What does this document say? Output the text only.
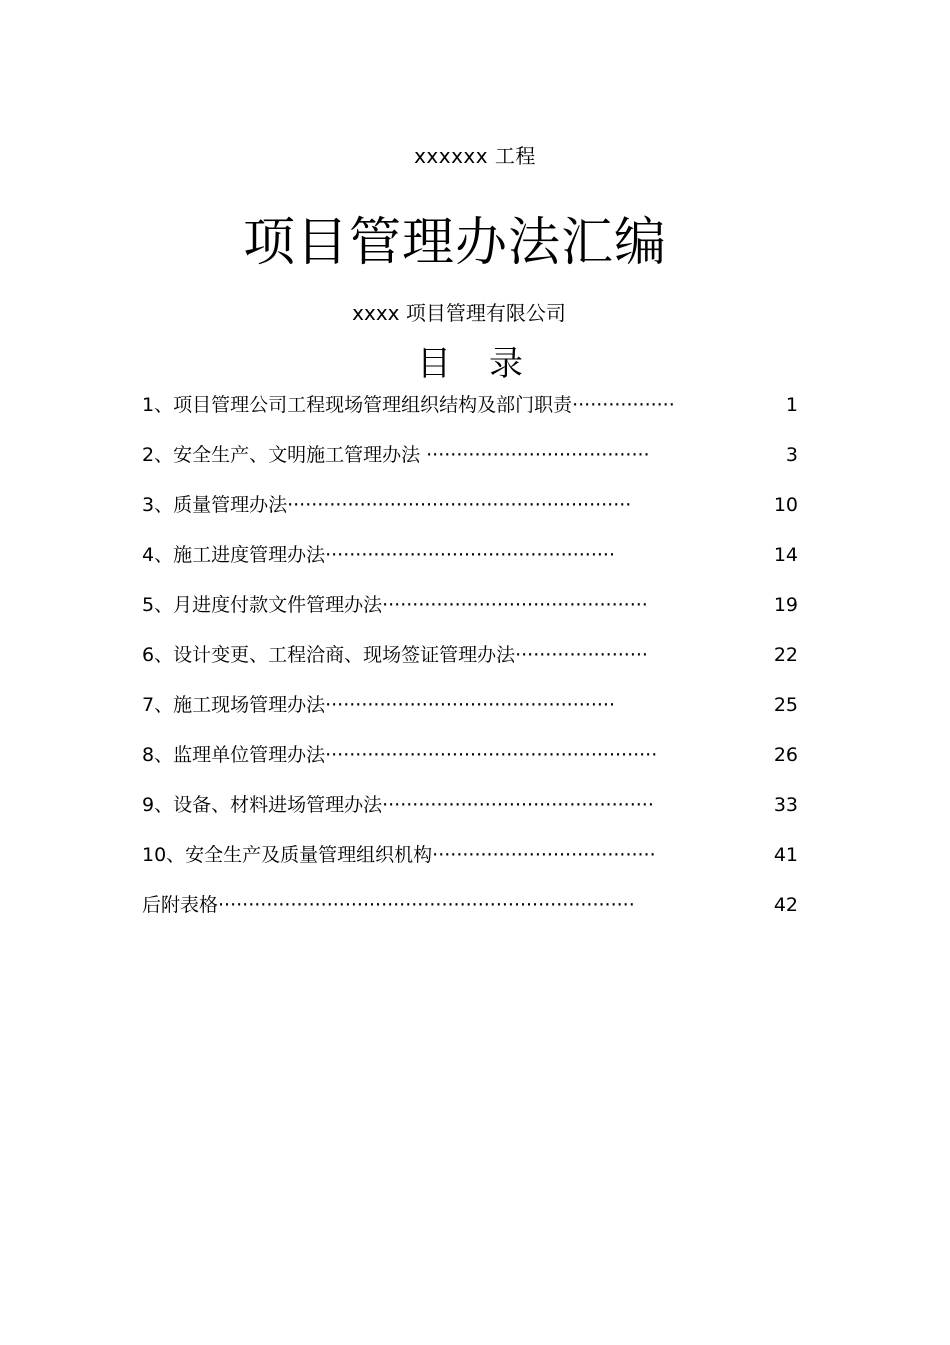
xxxxxx 工程
项目管理办法汇编
xxxx 项目管理有限公司
目录
1、项目管理公司工程现场管理组织结构及部门职责·················	1
2、安全生产、文明施工管理办法 ·····································	3
3、质量管理办法·························································	10
4、施工进度管理办法················································	14
5、月进度付款文件管理办法············································	19
6、设计变更、工程洽商、现场签证管理办法······················	22
7、施工现场管理办法················································	25
8、监理单位管理办法·······················································	26
9、设备、材料进场管理办法·············································	33
10、安全生产及质量管理组织机构·····································	41
后附表格·····································································	42
